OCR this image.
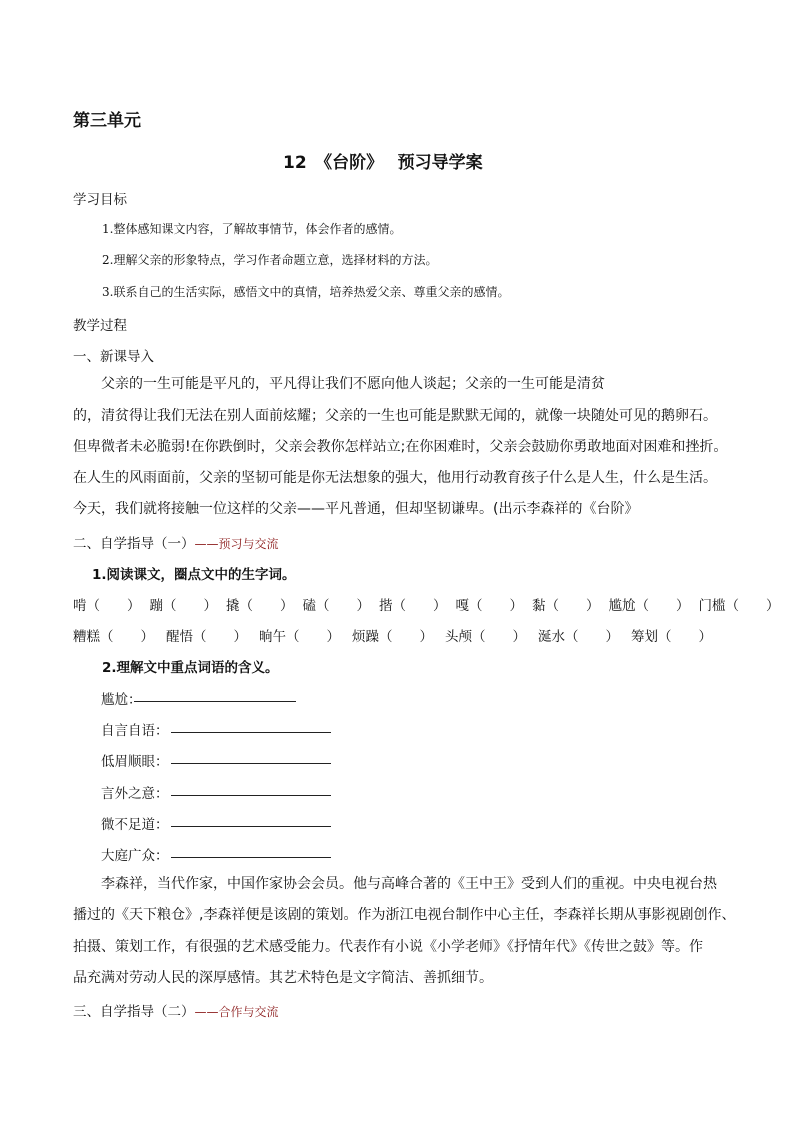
第三单元
12　《台阶》　 预习导学案
学习目标
1.整体感知课文内容，了解故事情节，体会作者的感情。
2.理解父亲的形象特点，学习作者命题立意，选择材料的方法。
3.联系自己的生活实际，感悟文中的真情，培养热爱父亲、尊重父亲的感情。
教学过程
一、新课导入
父亲的一生可能是平凡的，平凡得让我们不愿向他人谈起；父亲的一生可能是清贫
的，清贫得让我们无法在别人面前炫耀；父亲的一生也可能是默默无闻的，就像一块随处可见的鹅卵石。
但卑微者未必脆弱!在你跌倒时，父亲会教你怎样站立;在你困难时，父亲会鼓励你勇敢地面对困难和挫折。
在人生的风雨面前，父亲的坚韧可能是你无法想象的强大，他用行动教育孩子什么是人生，什么是生活。
今天，我们就将接触一位这样的父亲——平凡普通，但却坚韧谦卑。(出示李森祥的《台阶》
二、自学指导（一）——预习与交流
1.阅读课文，圈点文中的生字词。
啃（　　） 蹦（　　） 撬（　　） 磕（　　） 揩（　　） 嘎（　　） 黏（　　） 尴尬（　　） 门槛（　　）
糟糕（　　） 醒悟（　　） 晌午（　　） 烦躁（　　） 头颅（　　） 涎水（　　） 筹划（　　）
2.理解文中重点词语的含义。
尴尬：
自言自语：
低眉顺眼：
言外之意：
微不足道：
大庭广众：
李森祥，当代作家，中国作家协会会员。他与高峰合著的《王中王》受到人们的重视。中央电视台热
播过的《天下粮仓》,李森祥便是该剧的策划。作为浙江电视台制作中心主任，李森祥长期从事影视剧创作、
拍摄、策划工作，有很强的艺术感受能力。代表作有小说《小学老师》《抒情年代》《传世之鼓》等。作
品充满对劳动人民的深厚感情。其艺术特色是文字简洁、善抓细节。
三、自学指导（二）——合作与交流
